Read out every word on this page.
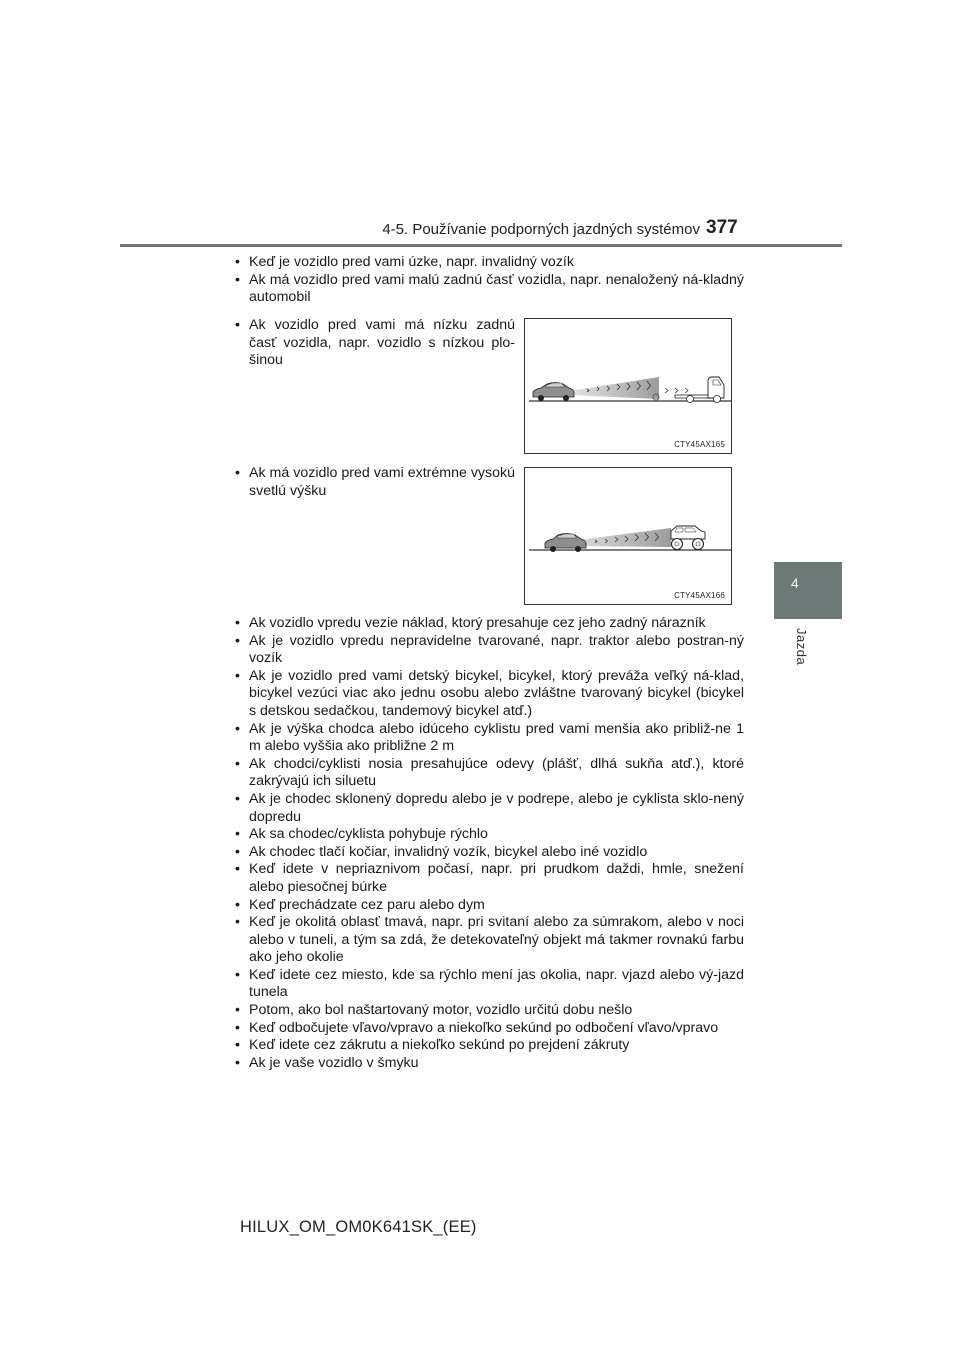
4-5. Používanie podporných jazdných systémov 377
4
Jazda
• Keď je vozidlo pred vami úzke, napr. invalidný vozík
• Ak má vozidlo pred vami malú zadnú časť vozidla, napr. nenaložený ná-kladný automobil
• Ak vozidlo pred vami má nízku zadnú časť vozidla, napr. vozidlo s nízkou plo-šinou
CTY45AX165
• Ak má vozidlo pred vami extrémne vysokú svetlú výšku
CTY45AX166
• Ak vozidlo vpredu vezie náklad, ktorý presahuje cez jeho zadný nárazník
• Ak je vozidlo vpredu nepravidelne tvarované, napr. traktor alebo postran-ný vozík
• Ak je vozidlo pred vami detský bicykel, bicykel, ktorý preváža veľký ná-klad, bicykel vezúci viac ako jednu osobu alebo zvláštne tvarovaný bicykel (bicykel s detskou sedačkou, tandemový bicykel atď.)
• Ak je výška chodca alebo idúceho cyklistu pred vami menšia ako približ-ne 1 m alebo vyššia ako približne 2 m
• Ak chodci/cyklisti nosia presahujúce odevy (plášť, dlhá sukňa atď.), ktoré zakrývajú ich siluetu
• Ak je chodec sklonený dopredu alebo je v podrepe, alebo je cyklista sklo-nený dopredu
• Ak sa chodec/cyklista pohybuje rýchlo
• Ak chodec tlačí kočiar, invalidný vozík, bicykel alebo iné vozidlo
• Keď idete v nepriaznivom počasí, napr. pri prudkom daždi, hmle, snežení alebo piesočnej búrke
• Keď prechádzate cez paru alebo dym
• Keď je okolitá oblasť tmavá, napr. pri svitaní alebo za súmrakom, alebo v noci alebo v tuneli, a tým sa zdá, že detekovateľný objekt má takmer rovnakú farbu ako jeho okolie
• Keď idete cez miesto, kde sa rýchlo mení jas okolia, napr. vjazd alebo vý-jazd tunela
• Potom, ako bol naštartovaný motor, vozidlo určitú dobu nešlo
• Keď odbočujete vľavo/vpravo a niekoľko sekúnd po odbočení vľavo/vpravo
• Keď idete cez zákrutu a niekoľko sekúnd po prejdení zákruty
• Ak je vaše vozidlo v šmyku
HILUX_OM_OM0K641SK_(EE)
